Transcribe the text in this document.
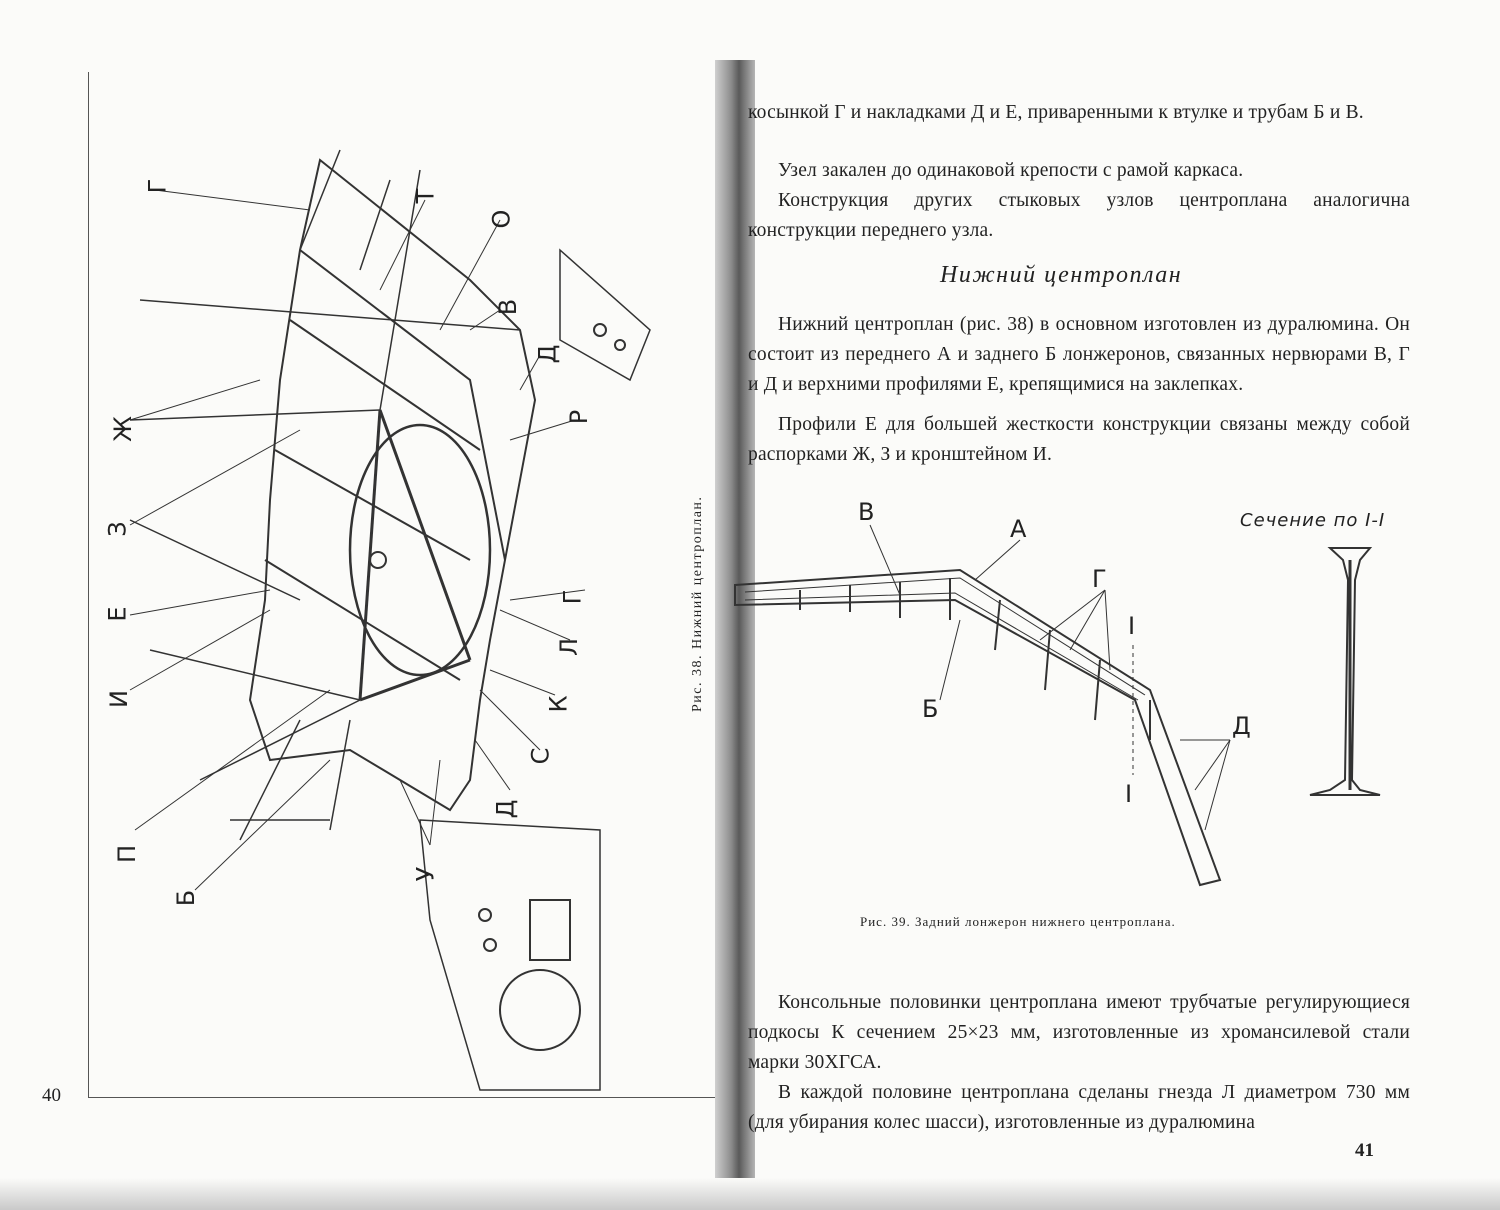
Г
Т
О
В
Д
Р
Ж
З
Е
И
П
Б
У
Д
С
К
Л
Г	Рис. 38. Нижний центроплан.
40

косынкой Г и накладками Д и Е, приваренными к втулке и трубам Б и В.

Узел закален до одинаковой крепости с рамой каркаса.

Конструкция других стыковых узлов центроплана аналогична конструкции переднего узла.

Нижний центроплан

Нижний центроплан (рис. 38) в основном изготовлен из дуралюмина. Он состоит из переднего А и заднего Б лонжеронов, связанных нервюрами В, Г и Д и верхними профилями Е, крепящимися на заклепках.

Профили Е для большей жесткости конструкции связаны между собой распорками Ж, З и кронштейном И.

В
А
Г
I
Б
I
Д
Сечение по I-I
Рис. 39. Задний лонжерон нижнего центроплана.

Консольные половинки центроплана имеют трубчатые регулирующиеся подкосы К сечением 25×23 мм, изготовленные из хромансилевой стали марки 30ХГСА.

В каждой половине центроплана сделаны гнезда Л диаметром 730 мм (для убирания колес шасси), изготовленные из дуралюмина

41
